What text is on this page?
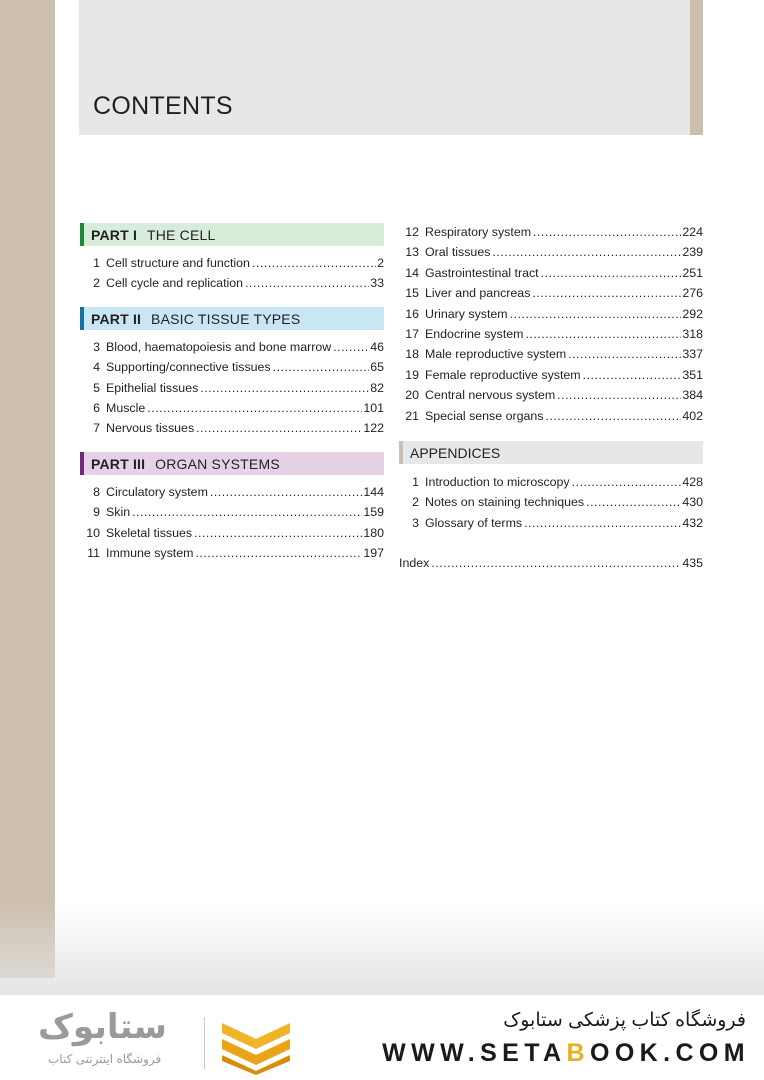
CONTENTS
PART I THE CELL
1 Cell structure and function .....	2
2 Cell cycle and replication .....	33
PART II BASIC TISSUE TYPES
3 Blood, haematopoiesis and bone marrow .....	46
4 Supporting/connective tissues .....	65
5 Epithelial tissues .....	82
6 Muscle .....	101
7 Nervous tissues .....	122
PART III ORGAN SYSTEMS
8 Circulatory system .....	144
9 Skin .....	159
10 Skeletal tissues .....	180
11 Immune system .....	197
12 Respiratory system .....	224
13 Oral tissues .....	239
14 Gastrointestinal tract .....	251
15 Liver and pancreas .....	276
16 Urinary system .....	292
17 Endocrine system .....	318
18 Male reproductive system .....	337
19 Female reproductive system .....	351
20 Central nervous system .....	384
21 Special sense organs .....	402
APPENDICES
1 Introduction to microscopy .....	428
2 Notes on staining techniques .....	430
3 Glossary of terms .....	432
Index .....	435
ستابوک
فروشگاه اینترنتی کتاب
فروشگاه کتاب پزشکی ستابوک
WWW.SETABOOK.COM
